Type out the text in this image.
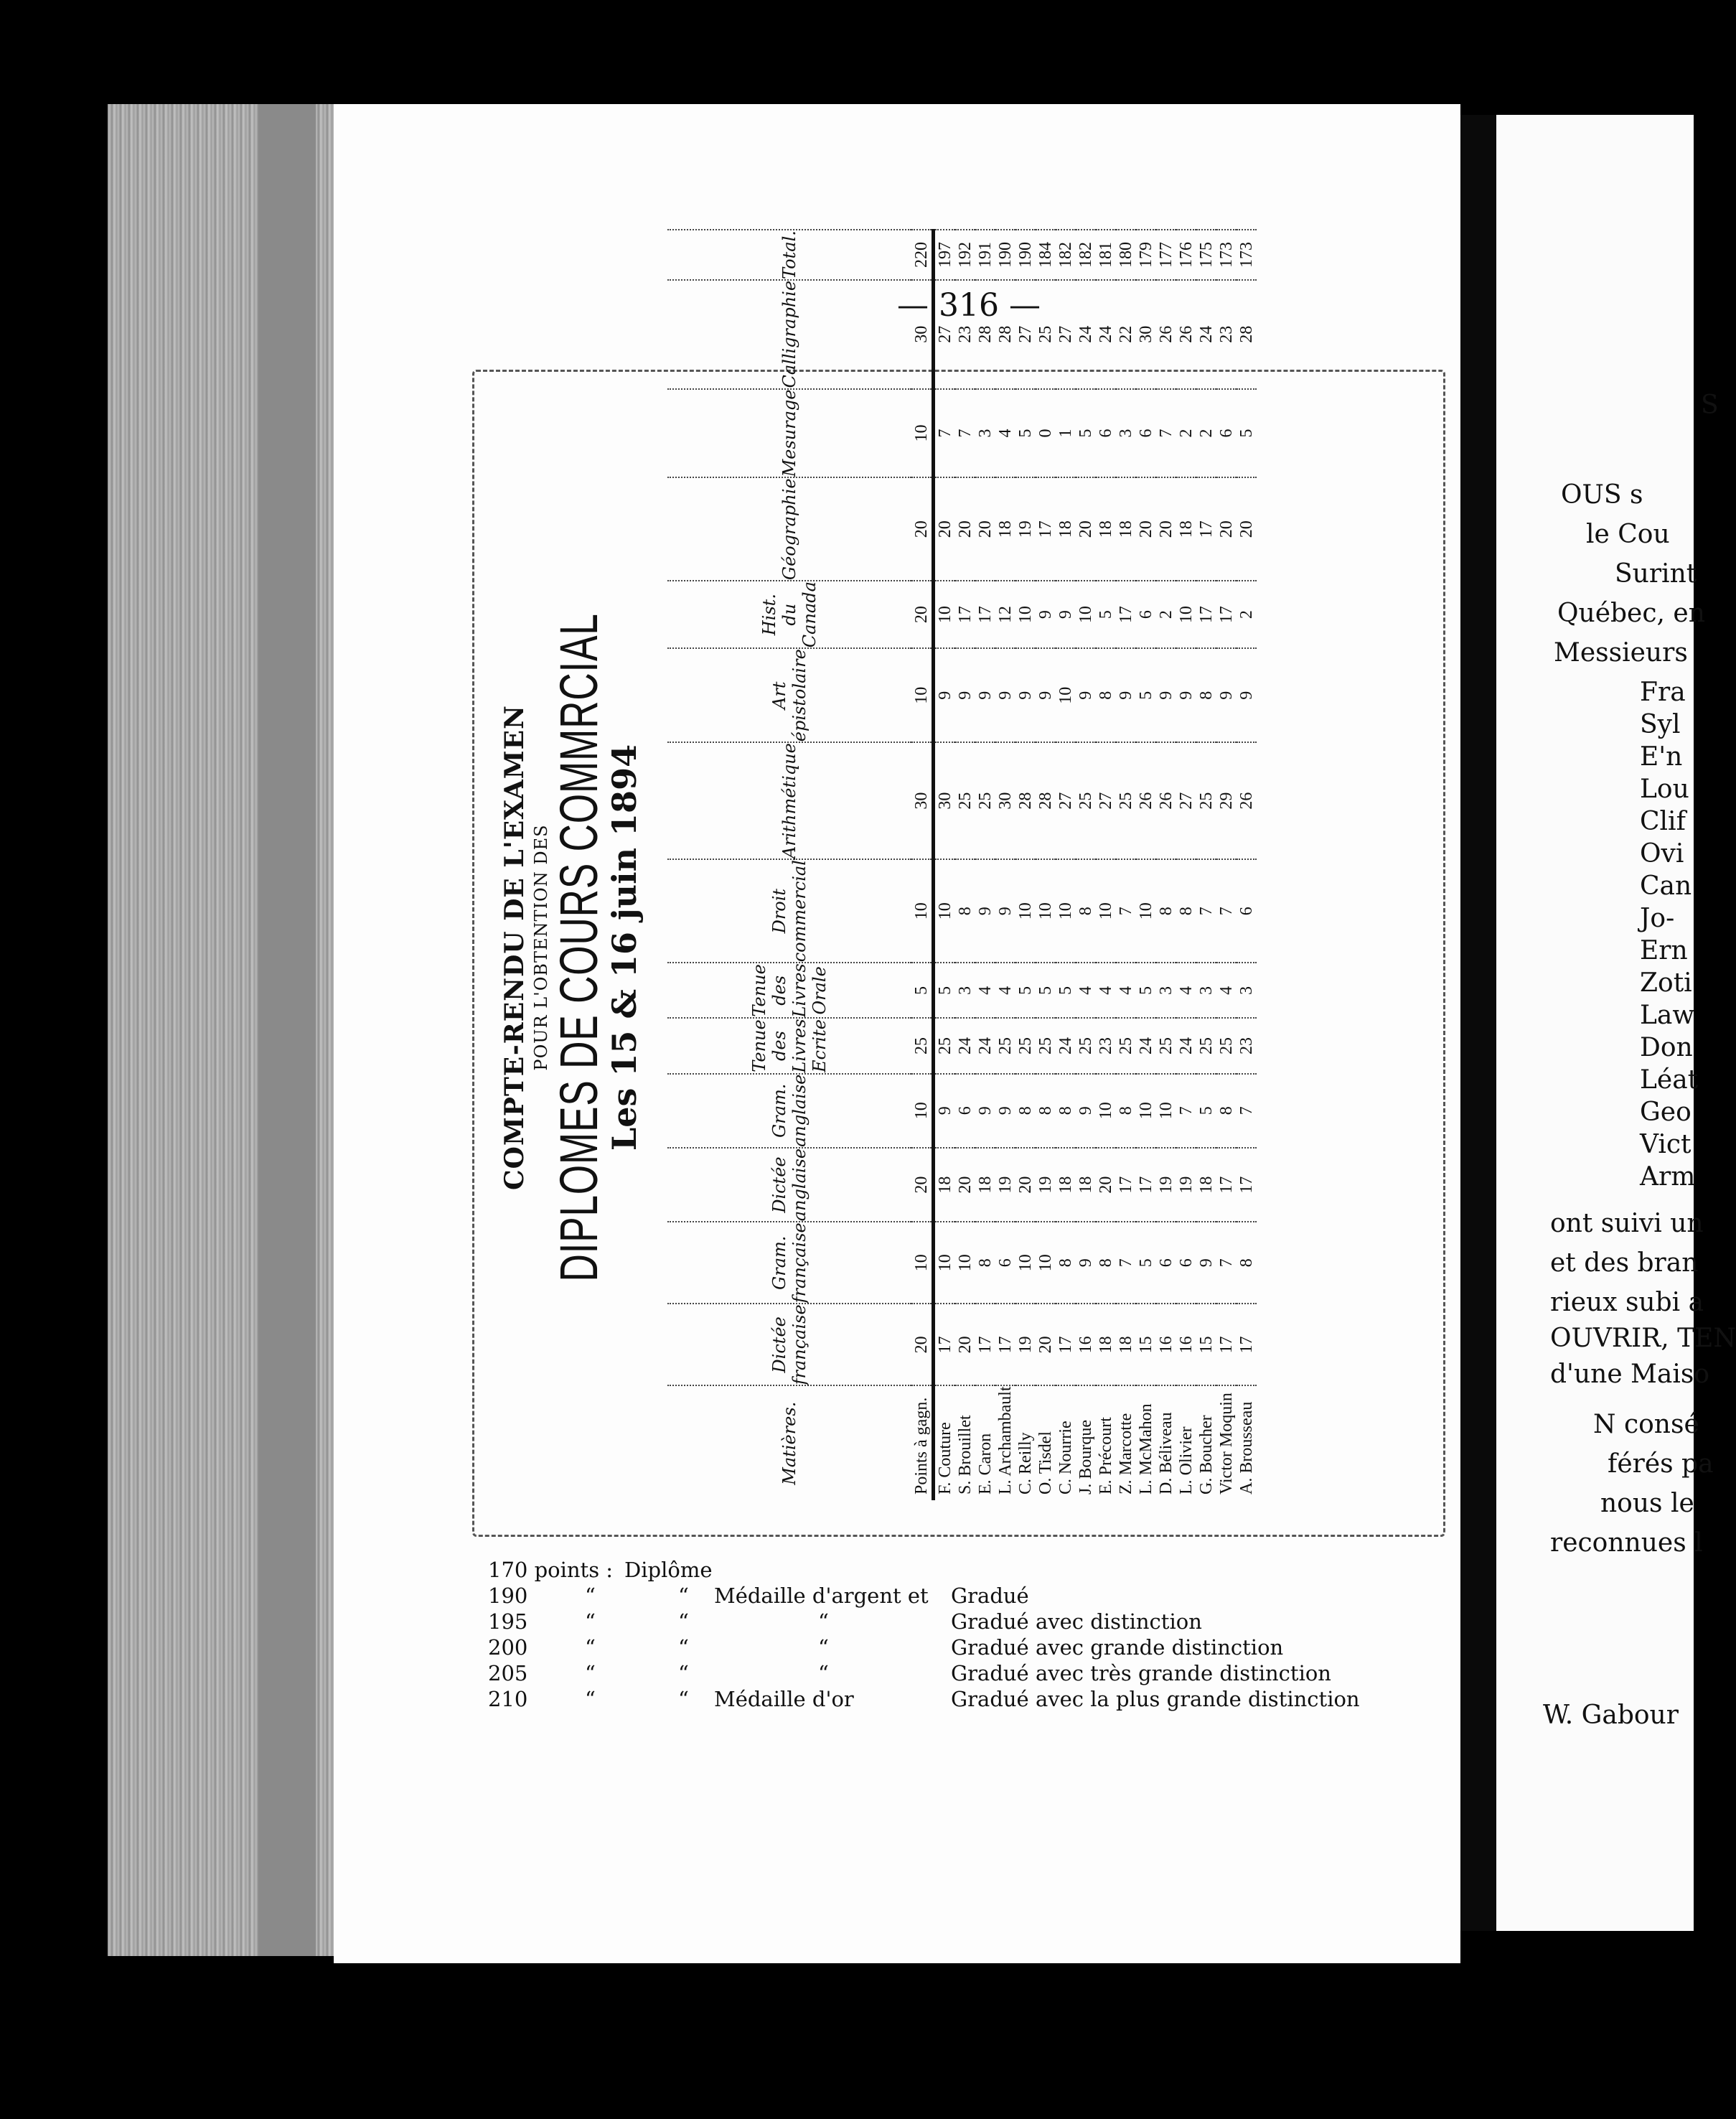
— 316 —
COMPTE-RENDU DE L'EXAMEN POUR L'OBTENTION DES
DIPLOMES DE COURS COMMRCIAL
Les 15 & 16 juin 1894
Matières.	Dictée française	Gram. française	Dictée anglaise	Gram. anglaise	Tenue des Livres Ecrite	Tenue des Livres Orale	Droit commercial	Arithmétique	Art épistolaire	Hist. du Canada	Géographie	Mesurage	Calligraphie	Total.
Points à gagn.	20	10	20	10	25	5	10	30	10	20	20	10	30	220
F. Couture	17	10	18	9	25	5	10	30	9	10	20	7	27	197
S. Brouillet	20	10	20	6	24	3	8	25	9	17	20	7	23	192
E. Caron	17	8	18	9	24	4	9	25	9	17	20	3	28	191
L. Archambault	17	6	19	9	25	4	9	30	9	12	18	4	28	190
C. Reilly	19	10	20	8	25	5	10	28	9	10	19	5	27	190
O. Tisdel	20	10	19	8	25	5	10	28	9	9	17	0	25	184
C. Nourrie	17	8	18	8	24	5	10	27	10	9	18	1	27	182
J. Bourque	16	9	18	9	25	4	8	25	9	10	20	5	24	182
E. Précourt	18	8	20	10	23	4	10	27	8	5	18	6	24	181
Z. Marcotte	18	7	17	8	25	4	7	25	9	17	18	3	22	180
L. McMahon	15	5	17	10	24	5	10	26	5	6	20	6	30	179
D. Béliveau	16	6	19	10	25	3	8	26	9	2	20	7	26	177
L. Olivier	16	6	19	7	24	4	8	27	9	10	18	2	26	176
G. Boucher	15	9	18	5	25	3	7	25	8	17	17	2	24	175
Victor Moquin	17	7	17	8	25	4	7	29	9	17	20	6	23	173
A. Brousseau	17	8	17	7	23	3	6	26	9	2	20	5	28	173
170 points : Diplôme
190	“	“ Médaille d'argent et Gradué
195	“	“	“	Gradué avec distinction
200	“	“	“	Gradué avec grande distinction
205	“	“	“	Gradué avec très grande distinction
210	“	“ Médaille d'or	Gradué avec la plus grande distinction
S
OUS s
le Cou
Surint
Québec, en
Messieurs
Fra
Syl
E'n
Lou
Clif
Ovi
Can
Jo-
Ern
Zoti
Law
Don
Léat
Geo
Vict
Arm
ont suivi un
et des bran
rieux subi a
OUVRIR, TEN
d'une Maiso
N consé
férés pa
nous le
reconnues l
W. Gabour
